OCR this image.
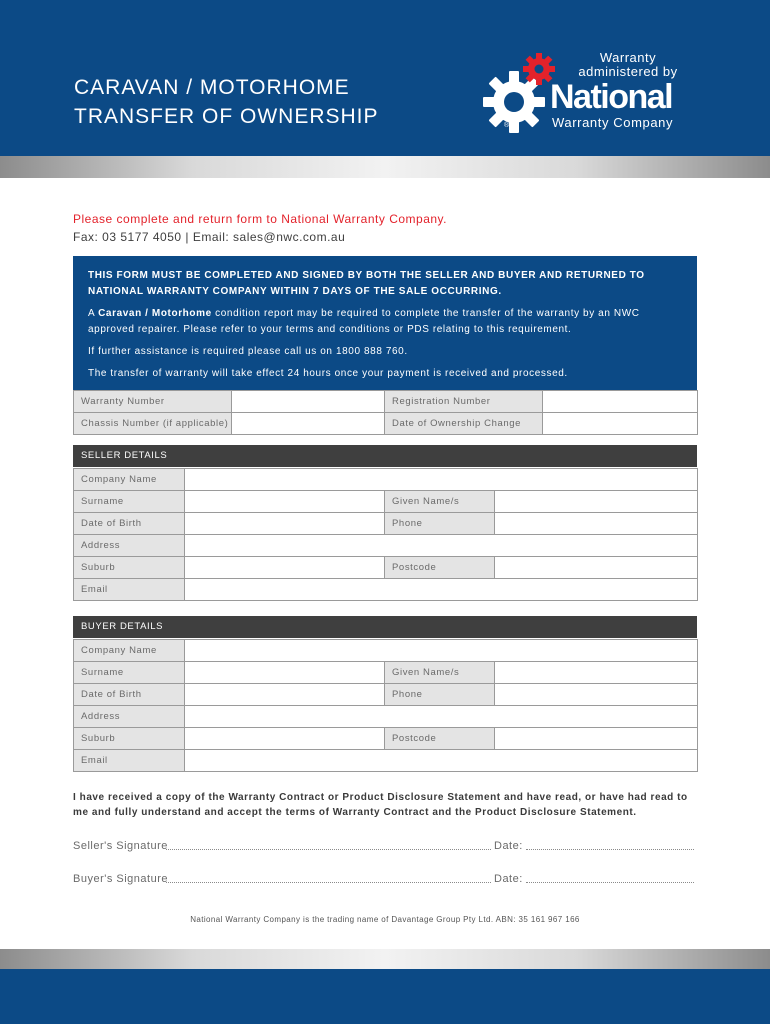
CARAVAN / MOTORHOME
TRANSFER OF OWNERSHIP
Warranty
administered by
National
Warranty Company
®
Please complete and return form to National Warranty Company.
Fax: 03 5177 4050 | Email: sales@nwc.com.au

THIS FORM MUST BE COMPLETED AND SIGNED BY BOTH THE SELLER AND BUYER AND RETURNED TO

NATIONAL WARRANTY COMPANY WITHIN 7 DAYS OF THE SALE OCCURRING.

A Caravan / Motorhome condition report may be required to complete the transfer of the warranty by an NWC

approved repairer. Please refer to your terms and conditions or PDS relating to this requirement.

If further assistance is required please call us on 1800 888 760.

The transfer of warranty will take effect 24 hours once your payment is received and processed.

Warranty Number		Registration Number	
Chassis Number (if applicable)		Date of Ownership Change	
SELLER DETAILS
Company Name			
Surname		Given Name/s	
Date of Birth		Phone	
Address			
Suburb		Postcode	
Email			
BUYER DETAILS
Company Name			
Surname		Given Name/s	
Date of Birth		Phone	
Address			
Suburb		Postcode	
Email			
I have received a copy of the Warranty Contract or Product Disclosure Statement and have read, or have had read to me and fully understand and accept the terms of Warranty Contract and the Product Disclosure Statement.
Seller's Signature	Date:
Buyer's Signature	Date:
National Warranty Company is the trading name of Davantage Group Pty Ltd. ABN: 35 161 967 166
